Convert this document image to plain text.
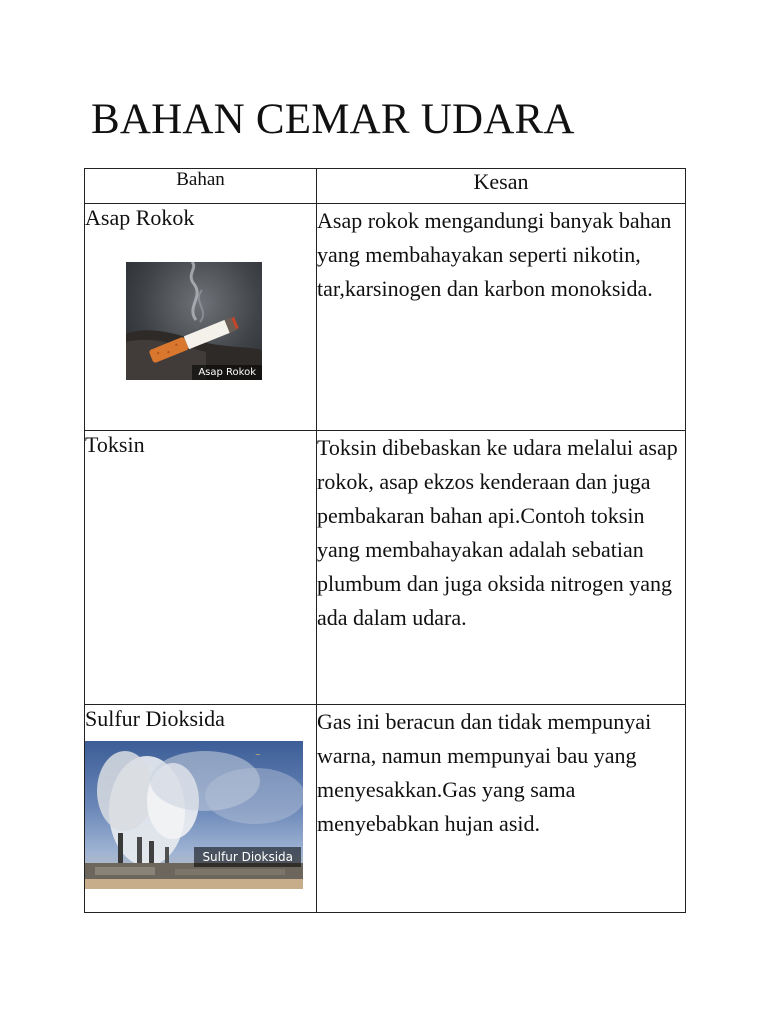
BAHAN CEMAR UDARA
Bahan	Kesan

Asap Rokok
Asap Rokok	Asap rokok mengandungi banyak bahan yang membahayakan seperti nikotin, tar,karsinogen dan karbon monoksida.

Toksin	Toksin dibebaskan ke udara melalui asap rokok, asap ekzos kenderaan dan juga pembakaran bahan api.Contoh toksin yang membahayakan adalah sebatian plumbum dan juga oksida nitrogen yang ada dalam udara.

Sulfur Dioksida
~
Sulfur Dioksida	Gas ini beracun dan tidak mempunyai warna, namun mempunyai bau yang menyesakkan.Gas yang sama menyebabkan hujan asid.
